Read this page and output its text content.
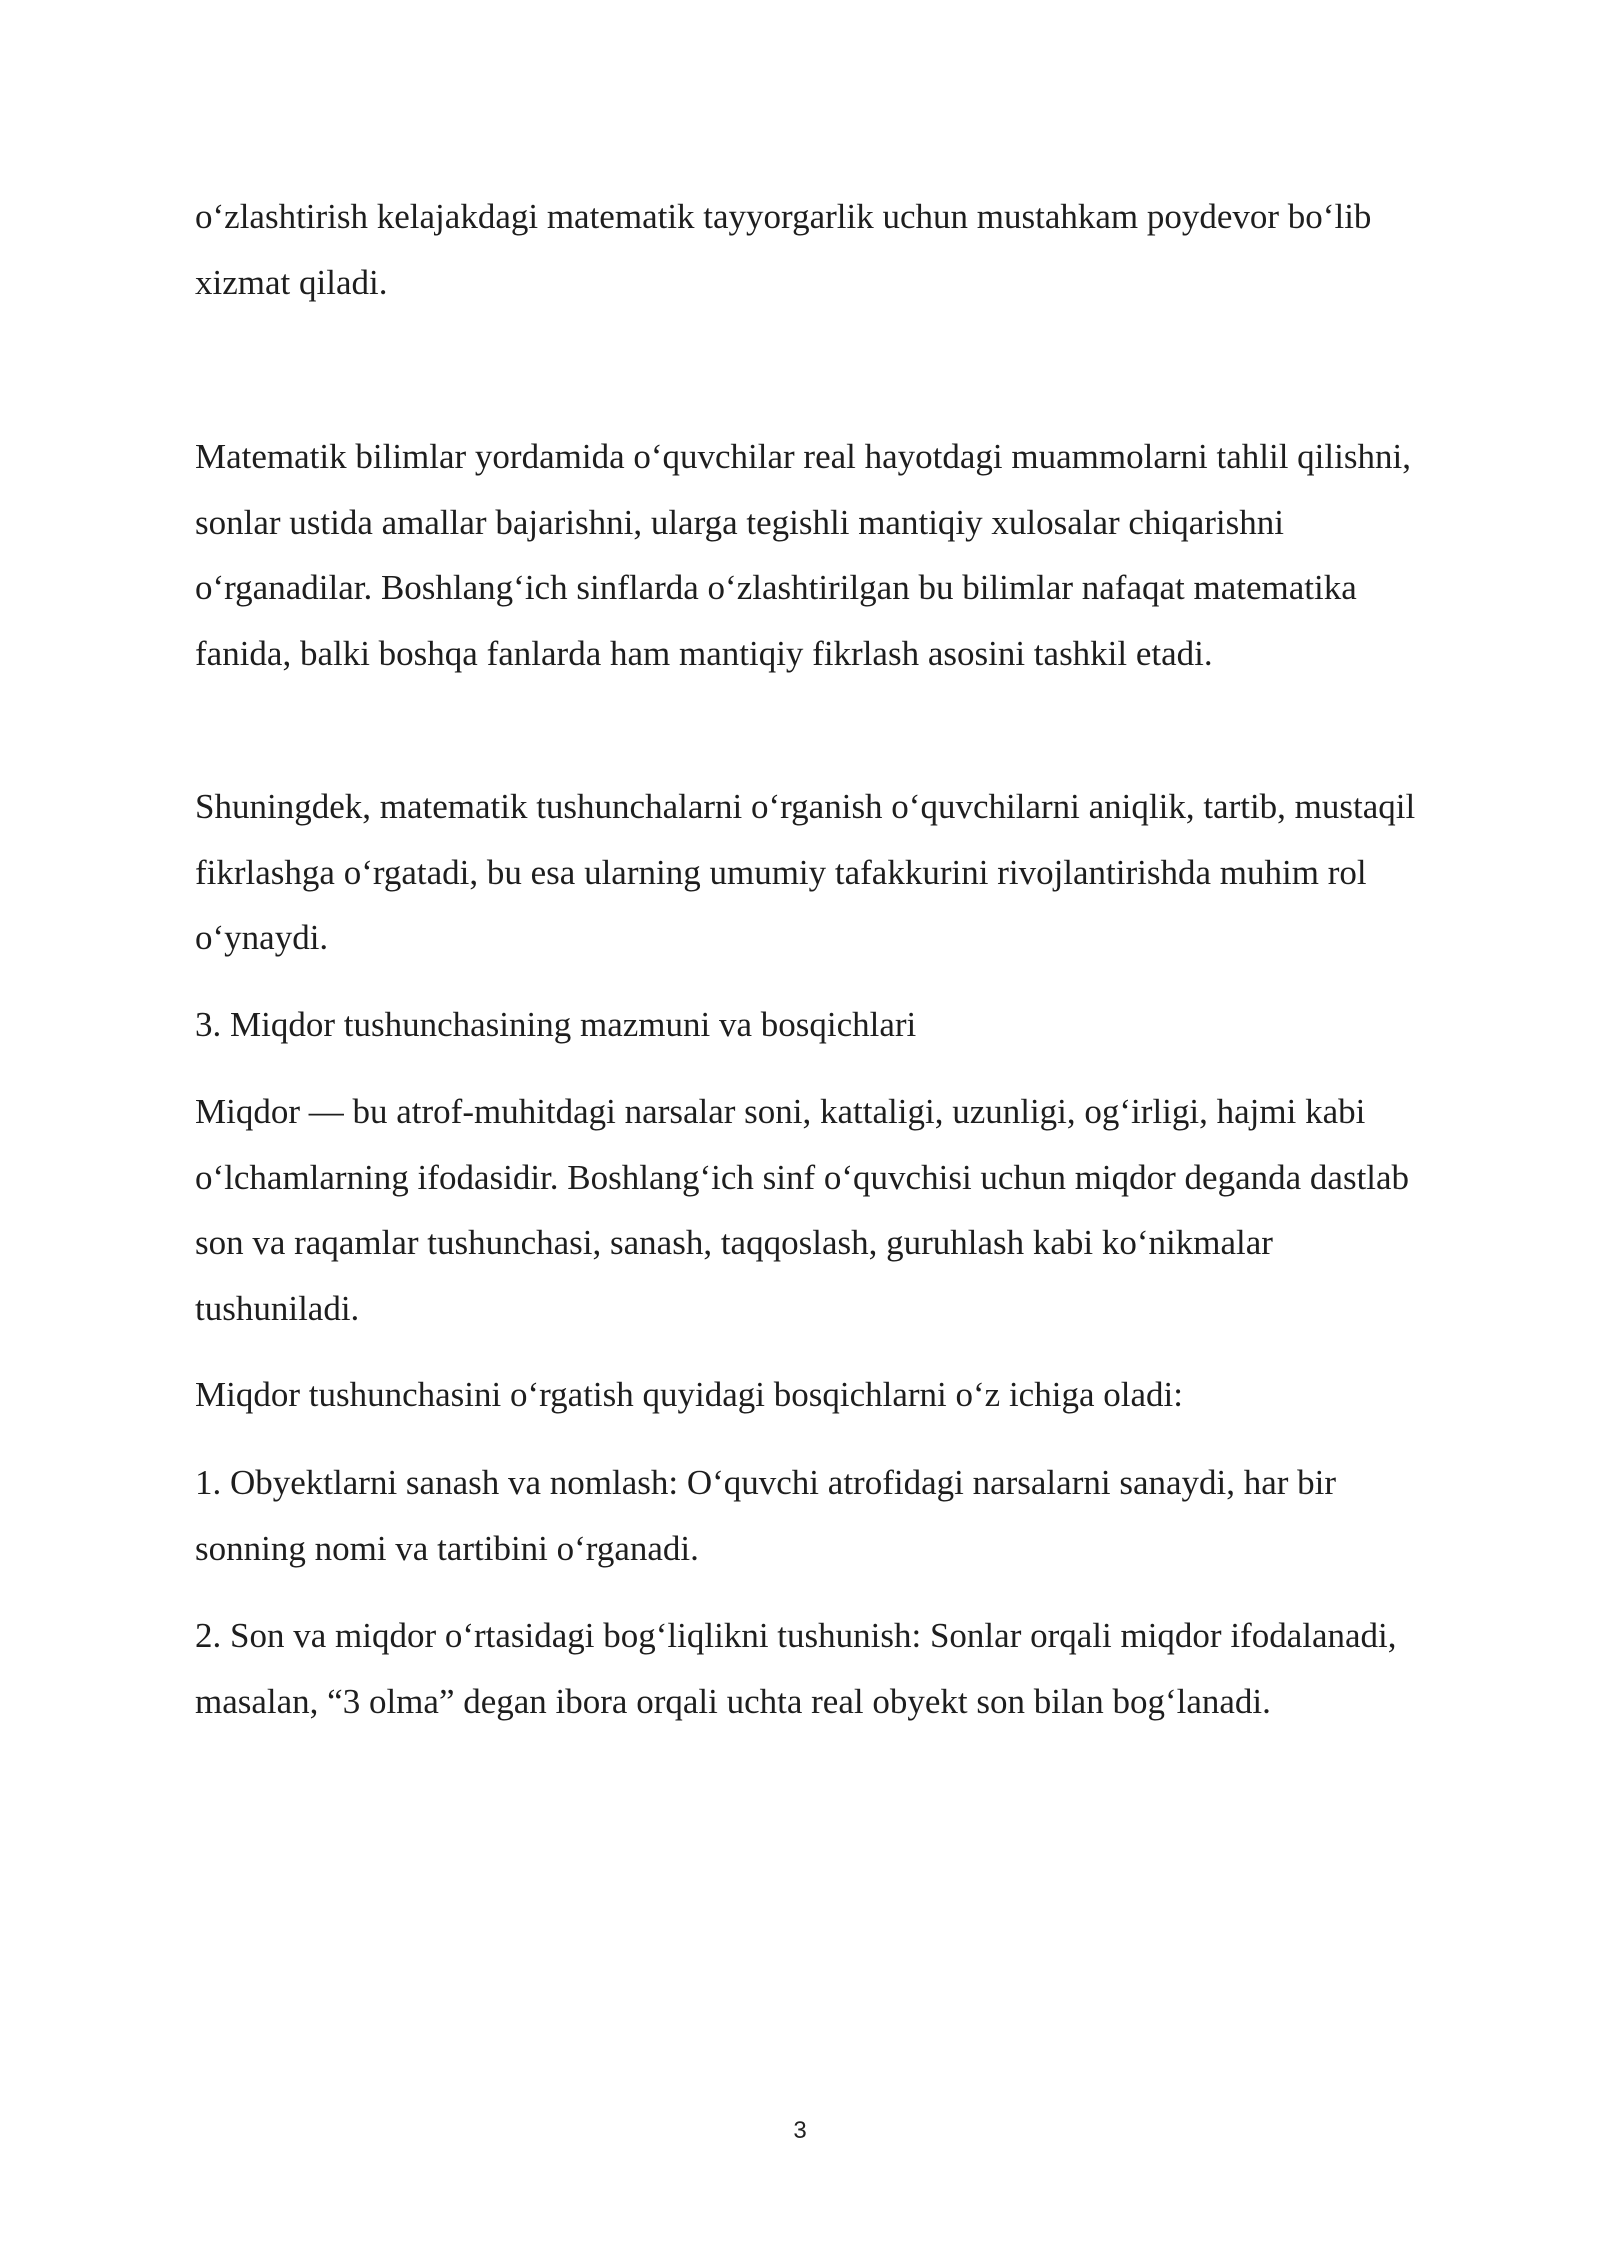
o‘zlashtirish kelajakdagi matematik tayyorgarlik uchun mustahkam poydevor bo‘lib xizmat qiladi.

Matematik bilimlar yordamida o‘quvchilar real hayotdagi muammolarni tahlil qilishni, sonlar ustida amallar bajarishni, ularga tegishli mantiqiy xulosalar chiqarishni o‘rganadilar. Boshlang‘ich sinflarda o‘zlashtirilgan bu bilimlar nafaqat matematika fanida, balki boshqa fanlarda ham mantiqiy fikrlash asosini tashkil etadi.

Shuningdek, matematik tushunchalarni o‘rganish o‘quvchilarni aniqlik, tartib, mustaqil fikrlashga o‘rgatadi, bu esa ularning umumiy tafakkurini rivojlantirishda muhim rol o‘ynaydi.

3. Miqdor tushunchasining mazmuni va bosqichlari

Miqdor — bu atrof-muhitdagi narsalar soni, kattaligi, uzunligi, og‘irligi, hajmi kabi o‘lchamlarning ifodasidir. Boshlang‘ich sinf o‘quvchisi uchun miqdor deganda dastlab son va raqamlar tushunchasi, sanash, taqqoslash, guruhlash kabi ko‘nikmalar tushuniladi.

Miqdor tushunchasini o‘rgatish quyidagi bosqichlarni o‘z ichiga oladi:

1. Obyektlarni sanash va nomlash: O‘quvchi atrofidagi narsalarni sanaydi, har bir sonning nomi va tartibini o‘rganadi.

2. Son va miqdor o‘rtasidagi bog‘liqlikni tushunish: Sonlar orqali miqdor ifodalanadi, masalan, “3 olma” degan ibora orqali uchta real obyekt son bilan bog‘lanadi.

3
